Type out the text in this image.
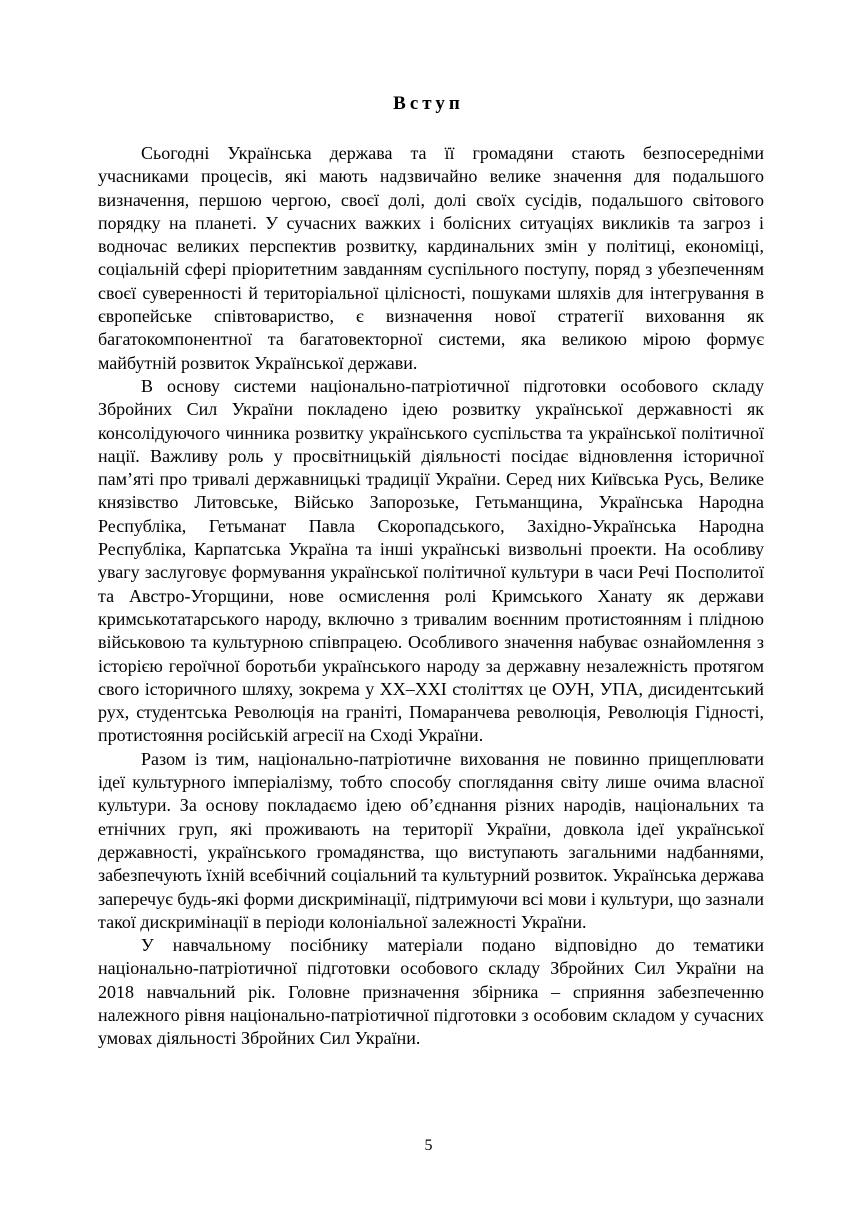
Вступ

Сьогодні Українська держава та її громадяни стають безпосередніми учасниками процесів, які мають надзвичайно велике значення для подальшого визначення, першою чергою, своєї долі, долі своїх сусідів, подальшого світового порядку на планеті. У сучасних важких і болісних ситуаціях викликів та загроз і водночас великих перспектив розвитку, кардинальних змін у політиці, економіці, соціальній сфері пріоритетним завданням суспільного поступу, поряд з убезпеченням своєї суверенності й територіальної цілісності, пошуками шляхів для інтегрування в європейське співтовариство, є визначення нової стратегії виховання як багатокомпонентної та багатовекторної системи, яка великою мірою формує майбутній розвиток Української держави.

В основу системи національно-патріотичної підготовки особового складу Збройних Сил України покладено ідею розвитку української державності як консолідуючого чинника розвитку українського суспільства та української політичної нації. Важливу роль у просвітницькій діяльності посідає відновлення історичної пам’яті про тривалі державницькі традиції України. Серед них Київська Русь, Велике князівство Литовське, Військо Запорозьке, Гетьманщина, Українська Народна Республіка, Гетьманат Павла Скоропадського, Західно-Українська Народна Республіка, Карпатська Україна та інші українські визвольні проекти. На особливу увагу заслуговує формування української політичної культури в часи Речі Посполитої та Австро-Угорщини, нове осмислення ролі Кримського Ханату як держави кримськотатарського народу, включно з тривалим воєнним протистоянням і плідною військовою та культурною співпрацею. Особливого значення набуває ознайомлення з історією героїчної боротьби українського народу за державну незалежність протягом свого історичного шляху, зокрема у XX–XXI століттях це ОУН, УПА, дисидентський рух, студентська Революція на граніті, Помаранчева революція, Революція Гідності, протистояння російській агресії на Сході України.

Разом із тим, національно-патріотичне виховання не повинно прищеплювати ідеї культурного імперіалізму, тобто способу споглядання світу лише очима власної культури. За основу покладаємо ідею об’єднання різних народів, національних та етнічних груп, які проживають на території України, довкола ідеї української державності, українського громадянства, що виступають загальними надбаннями, забезпечують їхній всебічний соціальний та культурний розвиток. Українська держава заперечує будь-які форми дискримінації, підтримуючи всі мови і культури, що зазнали такої дискримінації в періоди колоніальної залежності України.

У навчальному посібнику матеріали подано відповідно до тематики національно-патріотичної підготовки особового складу Збройних Сил України на 2018 навчальний рік. Головне призначення збірника – сприяння забезпеченню належного рівня національно-патріотичної підготовки з особовим складом у сучасних умовах діяльності Збройних Сил України.

5
